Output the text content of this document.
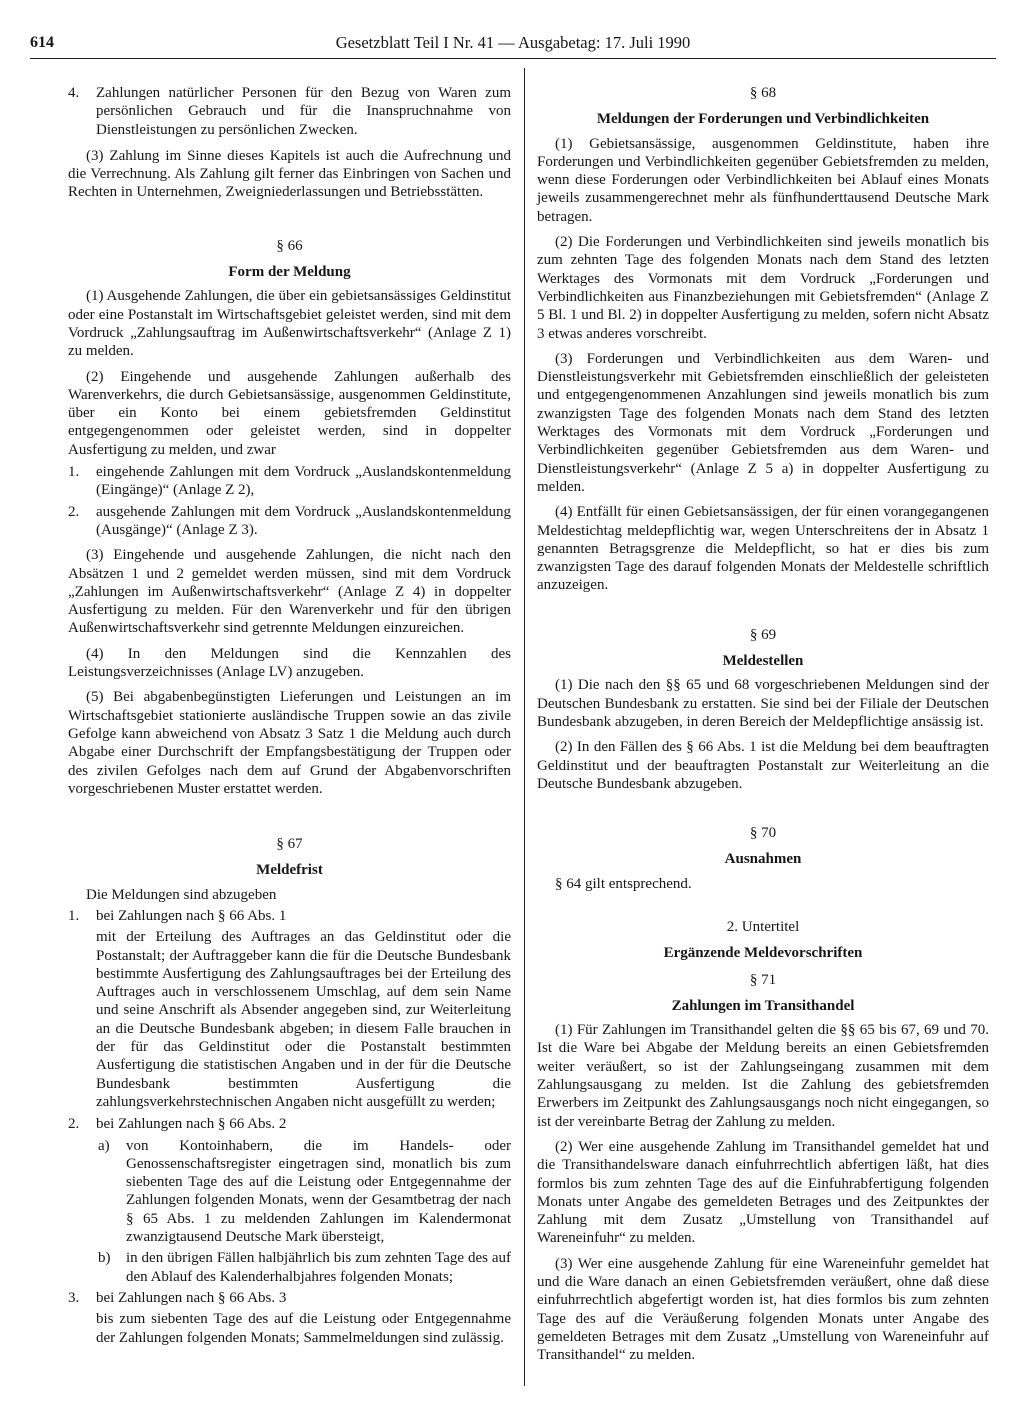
614	Gesetzblatt Teil I Nr. 41 — Ausgabetag: 17. Juli 1990
4. Zahlungen natürlicher Personen für den Bezug von Waren zum persönlichen Gebrauch und für die Inanspruchnahme von Dienstleistungen zu persönlichen Zwecken.

(3) Zahlung im Sinne dieses Kapitels ist auch die Aufrechnung und die Verrechnung. Als Zahlung gilt ferner das Einbringen von Sachen und Rechten in Unternehmen, Zweigniederlassungen und Betriebsstätten.

§ 66

Form der Meldung

(1) Ausgehende Zahlungen, die über ein gebietsansässiges Geldinstitut oder eine Postanstalt im Wirtschaftsgebiet geleistet werden, sind mit dem Vordruck „Zahlungsauftrag im Außenwirtschaftsverkehr“ (Anlage Z 1) zu melden.

(2) Eingehende und ausgehende Zahlungen außerhalb des Warenverkehrs, die durch Gebietsansässige, ausgenommen Geldinstitute, über ein Konto bei einem gebietsfremden Geldinstitut entgegengenommen oder geleistet werden, sind in doppelter Ausfertigung zu melden, und zwar

1. eingehende Zahlungen mit dem Vordruck „Auslandskontenmeldung (Eingänge)“ (Anlage Z 2),
2. ausgehende Zahlungen mit dem Vordruck „Auslandskontenmeldung (Ausgänge)“ (Anlage Z 3).

(3) Eingehende und ausgehende Zahlungen, die nicht nach den Absätzen 1 und 2 gemeldet werden müssen, sind mit dem Vordruck „Zahlungen im Außenwirtschaftsverkehr“ (Anlage Z 4) in doppelter Ausfertigung zu melden. Für den Warenverkehr und für den übrigen Außenwirtschaftsverkehr sind getrennte Meldungen einzureichen.

(4) In den Meldungen sind die Kennzahlen des Leistungsverzeichnisses (Anlage LV) anzugeben.

(5) Bei abgabenbegünstigten Lieferungen und Leistungen an im Wirtschaftsgebiet stationierte ausländische Truppen sowie an das zivile Gefolge kann abweichend von Absatz 3 Satz 1 die Meldung auch durch Abgabe einer Durchschrift der Empfangsbestätigung der Truppen oder des zivilen Gefolges nach dem auf Grund der Abgabenvorschriften vorgeschriebenen Muster erstattet werden.

§ 67

Meldefrist

Die Meldungen sind abzugeben

1. bei Zahlungen nach § 66 Abs. 1

mit der Erteilung des Auftrages an das Geldinstitut oder die Postanstalt; der Auftraggeber kann die für die Deutsche Bundesbank bestimmte Ausfertigung des Zahlungsauftrages bei der Erteilung des Auftrages auch in verschlossenem Umschlag, auf dem sein Name und seine Anschrift als Absender angegeben sind, zur Weiterleitung an die Deutsche Bundesbank abgeben; in diesem Falle brauchen in der für das Geldinstitut oder die Postanstalt bestimmten Ausfertigung die statistischen Angaben und in der für die Deutsche Bundesbank bestimmten Ausfertigung die zahlungsverkehrstechnischen Angaben nicht ausgefüllt zu werden;

2. bei Zahlungen nach § 66 Abs. 2
a) von Kontoinhabern, die im Handels- oder Genossenschaftsregister eingetragen sind, monatlich bis zum siebenten Tage des auf die Leistung oder Entgegennahme der Zahlungen folgenden Monats, wenn der Gesamtbetrag der nach § 65 Abs. 1 zu meldenden Zahlungen im Kalendermonat zwanzigtausend Deutsche Mark übersteigt,
b) in den übrigen Fällen halbjährlich bis zum zehnten Tage des auf den Ablauf des Kalenderhalbjahres folgenden Monats;
3. bei Zahlungen nach § 66 Abs. 3

bis zum siebenten Tage des auf die Leistung oder Entgegennahme der Zahlungen folgenden Monats; Sammelmeldungen sind zulässig.

§ 68

Meldungen der Forderungen und Verbindlichkeiten

(1) Gebietsansässige, ausgenommen Geldinstitute, haben ihre Forderungen und Verbindlichkeiten gegenüber Gebietsfremden zu melden, wenn diese Forderungen oder Verbindlichkeiten bei Ablauf eines Monats jeweils zusammengerechnet mehr als fünfhunderttausend Deutsche Mark betragen.

(2) Die Forderungen und Verbindlichkeiten sind jeweils monatlich bis zum zehnten Tage des folgenden Monats nach dem Stand des letzten Werktages des Vormonats mit dem Vordruck „Forderungen und Verbindlichkeiten aus Finanzbeziehungen mit Gebietsfremden“ (Anlage Z 5 Bl. 1 und Bl. 2) in doppelter Ausfertigung zu melden, sofern nicht Absatz 3 etwas anderes vorschreibt.

(3) Forderungen und Verbindlichkeiten aus dem Waren- und Dienstleistungsverkehr mit Gebietsfremden einschließlich der geleisteten und entgegengenommenen Anzahlungen sind jeweils monatlich bis zum zwanzigsten Tage des folgenden Monats nach dem Stand des letzten Werktages des Vormonats mit dem Vordruck „Forderungen und Verbindlichkeiten gegenüber Gebietsfremden aus dem Waren- und Dienstleistungsverkehr“ (Anlage Z 5 a) in doppelter Ausfertigung zu melden.

(4) Entfällt für einen Gebietsansässigen, der für einen vorangegangenen Meldestichtag meldepflichtig war, wegen Unterschreitens der in Absatz 1 genannten Betragsgrenze die Meldepflicht, so hat er dies bis zum zwanzigsten Tage des darauf folgenden Monats der Meldestelle schriftlich anzuzeigen.

§ 69

Meldestellen

(1) Die nach den §§ 65 und 68 vorgeschriebenen Meldungen sind der Deutschen Bundesbank zu erstatten. Sie sind bei der Filiale der Deutschen Bundesbank abzugeben, in deren Bereich der Meldepflichtige ansässig ist.

(2) In den Fällen des § 66 Abs. 1 ist die Meldung bei dem beauftragten Geldinstitut und der beauftragten Postanstalt zur Weiterleitung an die Deutsche Bundesbank abzugeben.

§ 70

Ausnahmen

§ 64 gilt entsprechend.

2. Untertitel

Ergänzende Meldevorschriften

§ 71

Zahlungen im Transithandel

(1) Für Zahlungen im Transithandel gelten die §§ 65 bis 67, 69 und 70. Ist die Ware bei Abgabe der Meldung bereits an einen Gebietsfremden weiter veräußert, so ist der Zahlungseingang zusammen mit dem Zahlungsausgang zu melden. Ist die Zahlung des gebietsfremden Erwerbers im Zeitpunkt des Zahlungsausgangs noch nicht eingegangen, so ist der vereinbarte Betrag der Zahlung zu melden.

(2) Wer eine ausgehende Zahlung im Transithandel gemeldet hat und die Transithandelsware danach einfuhrrechtlich abfertigen läßt, hat dies formlos bis zum zehnten Tage des auf die Einfuhrabfertigung folgenden Monats unter Angabe des gemeldeten Betrages und des Zeitpunktes der Zahlung mit dem Zusatz „Umstellung von Transithandel auf Wareneinfuhr“ zu melden.

(3) Wer eine ausgehende Zahlung für eine Wareneinfuhr gemeldet hat und die Ware danach an einen Gebietsfremden veräußert, ohne daß diese einfuhrrechtlich abgefertigt worden ist, hat dies formlos bis zum zehnten Tage des auf die Veräußerung folgenden Monats unter Angabe des gemeldeten Betrages mit dem Zusatz „Umstellung von Wareneinfuhr auf Transithandel“ zu melden.
